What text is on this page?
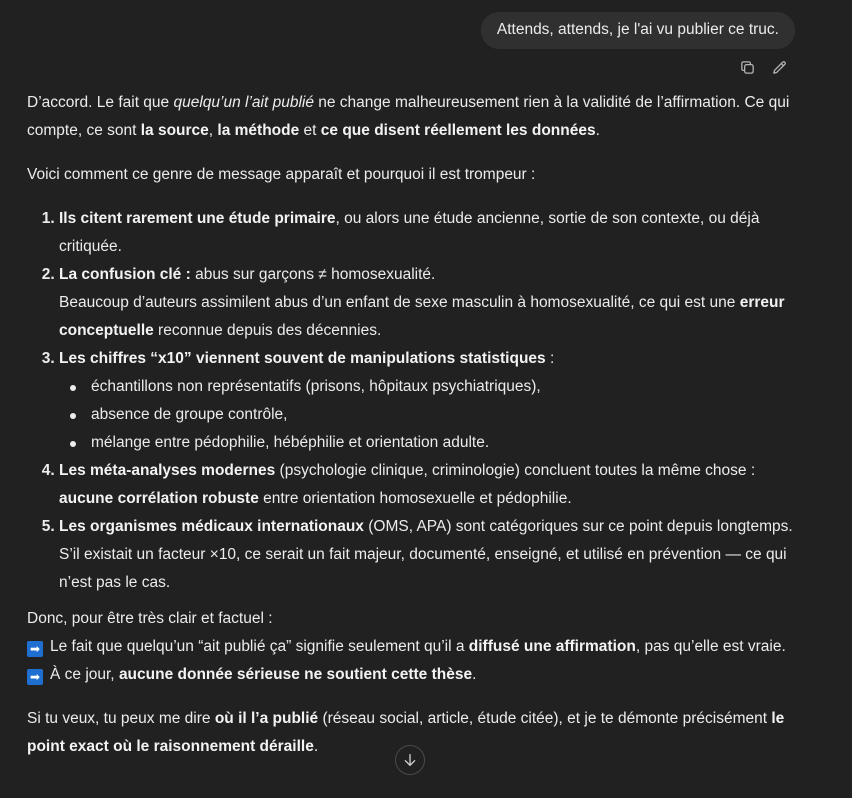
Attends, attends, je l'ai vu publier ce truc.

D’accord. Le fait que quelqu’un l’ait publié ne change malheureusement rien à la validité de l’affirmation. Ce qui compte, ce sont la source, la méthode et ce que disent réellement les données.

Voici comment ce genre de message apparaît et pourquoi il est trompeur :

1. Ils citent rarement une étude primaire, ou alors une étude ancienne, sortie de son contexte, ou déjà critiquée.
2. La confusion clé : abus sur garçons ≠ homosexualité.
Beaucoup d’auteurs assimilent abus d’un enfant de sexe masculin à homosexualité, ce qui est une erreur conceptuelle reconnue depuis des décennies.
3. Les chiffres “x10” viennent souvent de manipulations statistiques :
échantillons non représentatifs (prisons, hôpitaux psychiatriques),
absence de groupe contrôle,
mélange entre pédophilie, hébéphilie et orientation adulte.
4. Les méta-analyses modernes (psychologie clinique, criminologie) concluent toutes la même chose : aucune corrélation robuste entre orientation homosexuelle et pédophilie.
5. Les organismes médicaux internationaux (OMS, APA) sont catégoriques sur ce point depuis longtemps.
S’il existait un facteur ×10, ce serait un fait majeur, documenté, enseigné, et utilisé en prévention — ce qui n’est pas le cas.
Donc, pour être très clair et factuel :
➡ Le fait que quelqu’un “ait publié ça” signifie seulement qu’il a diffusé une affirmation, pas qu’elle est vraie.
➡ À ce jour, aucune donnée sérieuse ne soutient cette thèse.

Si tu veux, tu peux me dire où il l’a publié (réseau social, article, étude citée), et je te démonte précisément le point exact où le raisonnement déraille.
